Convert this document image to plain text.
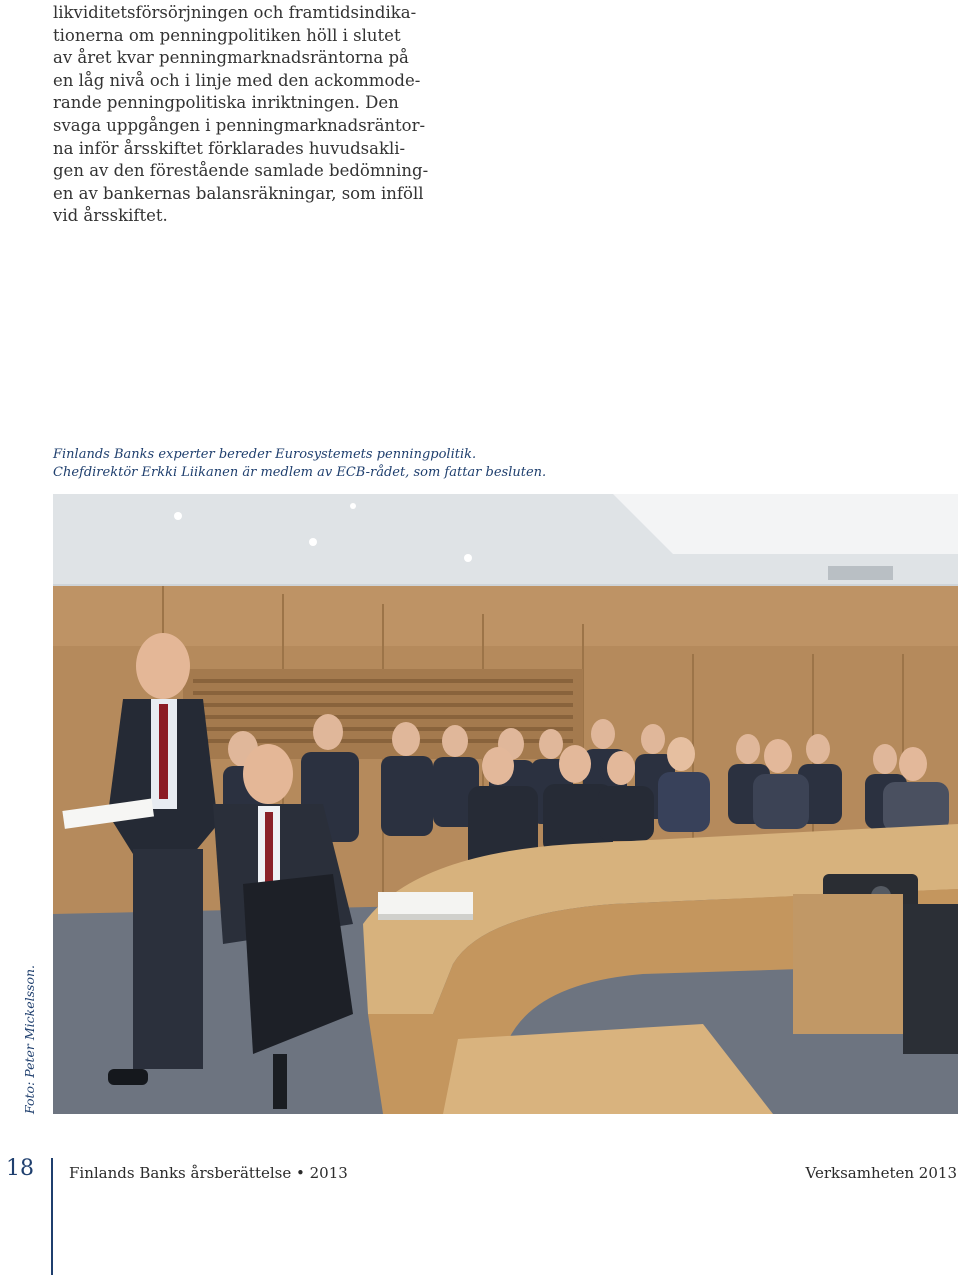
likviditetsförsörjningen och framtidsindika-
tionerna om penningpolitiken höll i slutet
av året kvar penningmarknadsräntorna på
en låg nivå och i linje med den ackommode-
rande penningpolitiska inriktningen. Den
svaga uppgången i penningmarknadsräntor-
na inför årsskiftet förklarades huvudsakli-
gen av den förestående samlade bedömning-
en av bankernas balansräkningar, som inföll
vid årsskiftet.
Finlands Banks experter bereder Eurosystemets penningpolitik.
Chefdirektör Erkki Liikanen är medlem av ECB-rådet, som fattar besluten.
Foto: Peter Mickelsson.
18	Finlands Banks årsberättelse • 2013	Verksamheten 2013
